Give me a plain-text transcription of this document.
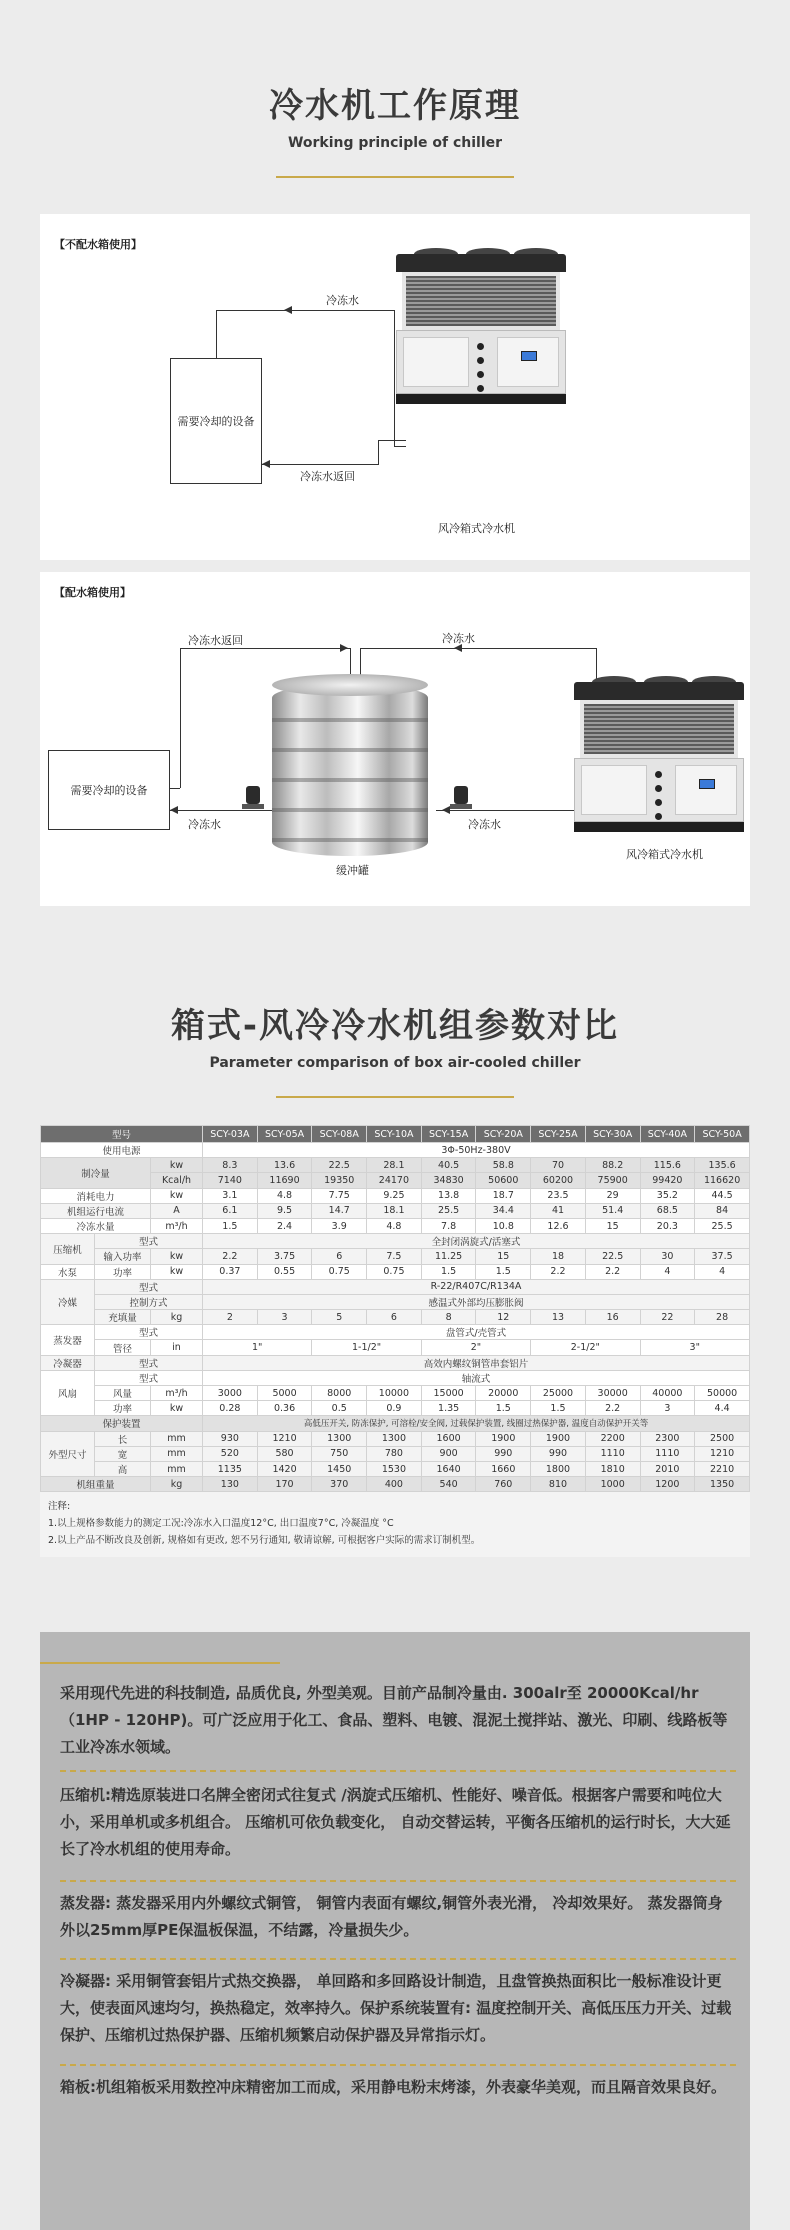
冷水机工作原理

Working principle of chiller

【不配水箱使用】
需要冷却的设备
冷冻水
冷冻水返回
风冷箱式冷水机
【配水箱使用】
需要冷却的设备
冷冻水返回	冷冻水
冷冻水	冷冻水
缓冲罐
风冷箱式冷水机
箱式-风冷冷水机组参数对比

Parameter comparison of box air-cooled chiller

型号			SCY-03A	SCY-05A	SCY-08A	SCY-10A	SCY-15A	SCY-20A	SCY-25A	SCY-30A	SCY-40A	SCY-50A
使用电源			3Φ-50Hz-380V									
制冷量		kw	8.3	13.6	22.5	28.1	40.5	58.8	70	88.2	115.6	135.6
		Kcal/h	7140	11690	19350	24170	34830	50600	60200	75900	99420	116620
消耗电力		kw	3.1	4.8	7.75	9.25	13.8	18.7	23.5	29	35.2	44.5
机组运行电流		A	6.1	9.5	14.7	18.1	25.5	34.4	41	51.4	68.5	84
冷冻水量		m³/h	1.5	2.4	3.9	4.8	7.8	10.8	12.6	15	20.3	25.5
压缩机	型式		全封闭涡旋式/活塞式									
	输入功率	kw	2.2	3.75	6	7.5	11.25	15	18	22.5	30	37.5
水泵	功率	kw	0.37	0.55	0.75	0.75	1.5	1.5	2.2	2.2	4	4
冷媒	型式		R-22/R407C/R134A									
	控制方式		感温式外部均压膨胀阀									
	充填量	kg	2	3	5	6	8	12	13	16	22	28
蒸发器	型式		盘管式/壳管式									
	管径	in	1"		1-1/2"		2"		2-1/2"		3"	
冷凝器	型式		高效内螺纹铜管串套铝片									
风扇	型式		轴流式									
	风量	m³/h	3000	5000	8000	10000	15000	20000	25000	30000	40000	50000
	功率	kw	0.28	0.36	0.5	0.9	1.35	1.5	1.5	2.2	3	4.4
保护装置			高低压开关, 防冻保护, 可溶栓/安全阀, 过载保护装置, 线圈过热保护器, 温度自动保护开关等									
外型尺寸	长	mm	930	1210	1300	1300	1600	1900	1900	2200	2300	2500
	宽	mm	520	580	750	780	900	990	990	1110	1110	1210
	高	mm	1135	1420	1450	1530	1640	1660	1800	1810	2010	2210
机组重量		kg	130	170	370	400	540	760	810	1000	1200	1350
注释:
1.以上规格参数能力的测定工况:冷冻水入口温度12°C, 出口温度7°C, 冷凝温度 °C
2.以上产品不断改良及创新, 规格如有更改, 恕不另行通知, 敬请谅解, 可根据客户实际的需求订制机型。
采用现代先进的科技制造, 品质优良, 外型美观。目前产品制冷量由. 300alr至 20000Kcal/hr（1HP - 120HP)。可广泛应用于化工、食品、塑料、电镀、混泥土搅拌站、激光、印刷、线路板等工业冷冻水领域。
压缩机:精选原装进口名牌全密闭式往复式 /涡旋式压缩机、性能好、噪音低。根据客户需要和吨位大小，采用单机或多机组合。 压缩机可依负载变化， 自动交替运转，平衡各压缩机的运行时长，大大延长了冷水机组的使用寿命。
蒸发器: 蒸发器采用内外螺纹式铜管， 铜管内表面有螺纹,铜管外表光滑， 冷却效果好。 蒸发器筒身外以25mm厚PE保温板保温，不结露，冷量损失少。
冷凝器: 采用铜管套铝片式热交换器， 单回路和多回路设计制造，且盘管换热面积比一般标准设计更大，使表面风速均匀，换热稳定，效率持久。保护系统装置有: 温度控制开关、高低压压力开关、过载保护、压缩机过热保护器、压缩机频繁启动保护器及异常指示灯。
箱板:机组箱板采用数控冲床精密加工而成，采用静电粉末烤漆，外表豪华美观，而且隔音效果良好。
